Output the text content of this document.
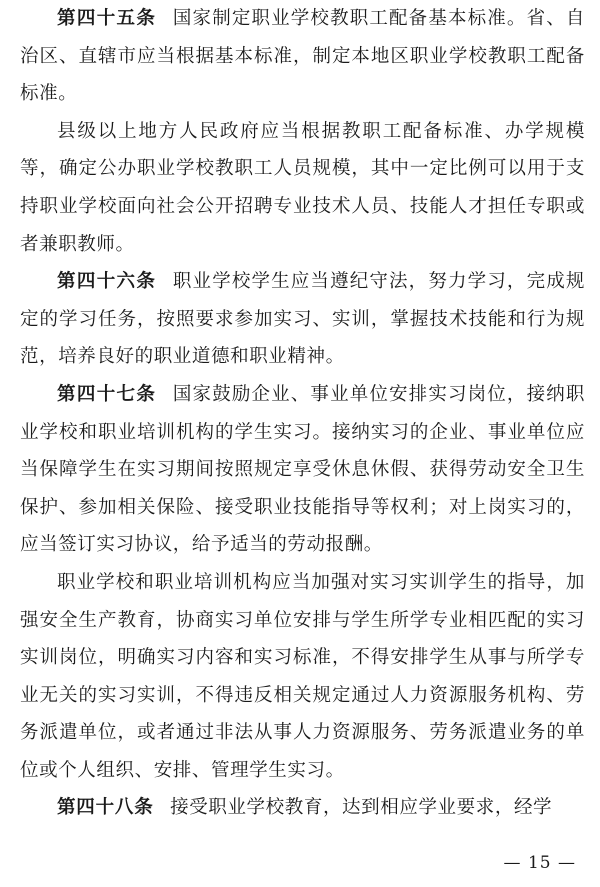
第四十五条 国家制定职业学校教职工配备基本标准。省、自治区、直辖市应当根据基本标准，制定本地区职业学校教职工配备标准。

县级以上地方人民政府应当根据教职工配备标准、办学规模等，确定公办职业学校教职工人员规模，其中一定比例可以用于支持职业学校面向社会公开招聘专业技术人员、技能人才担任专职或者兼职教师。

第四十六条 职业学校学生应当遵纪守法，努力学习，完成规定的学习任务，按照要求参加实习、实训，掌握技术技能和行为规范，培养良好的职业道德和职业精神。

第四十七条 国家鼓励企业、事业单位安排实习岗位，接纳职业学校和职业培训机构的学生实习。接纳实习的企业、事业单位应当保障学生在实习期间按照规定享受休息休假、获得劳动安全卫生保护、参加相关保险、接受职业技能指导等权利；对上岗实习的，应当签订实习协议，给予适当的劳动报酬。

职业学校和职业培训机构应当加强对实习实训学生的指导，加强安全生产教育，协商实习单位安排与学生所学专业相匹配的实习实训岗位，明确实习内容和实习标准，不得安排学生从事与所学专业无关的实习实训，不得违反相关规定通过人力资源服务机构、劳务派遣单位，或者通过非法从事人力资源服务、劳务派遣业务的单位或个人组织、安排、管理学生实习。

第四十八条 接受职业学校教育，达到相应学业要求，经学

— 15 —
